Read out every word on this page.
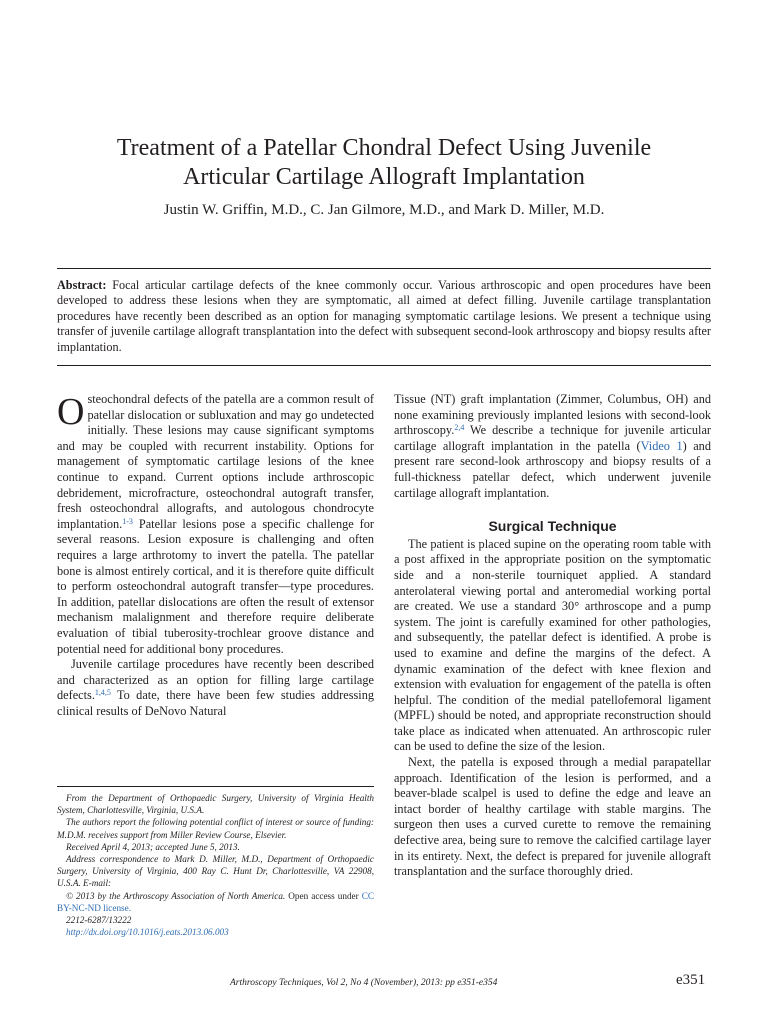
Treatment of a Patellar Chondral Defect Using Juvenile
Articular Cartilage Allograft Implantation
Justin W. Griffin, M.D., C. Jan Gilmore, M.D., and Mark D. Miller, M.D.
Abstract: Focal articular cartilage defects of the knee commonly occur. Various arthroscopic and open procedures have been developed to address these lesions when they are symptomatic, all aimed at defect filling. Juvenile cartilage transplantation procedures have recently been described as an option for managing symptomatic cartilage lesions. We present a technique using transfer of juvenile cartilage allograft transplantation into the defect with subsequent second-look arthroscopy and biopsy results after implantation.

Osteochondral defects of the patella are a common result of patellar dislocation or subluxation and may go undetected initially. These lesions may cause significant symptoms and may be coupled with recurrent instability. Options for management of symptomatic cartilage lesions of the knee continue to expand. Current options include arthroscopic debridement, microfracture, osteochondral autograft transfer, fresh osteochondral allografts, and autologous chondrocyte implantation.$^{1-3}$ Patellar lesions pose a specific challenge for several reasons. Lesion exposure is challenging and often requires a large arthrotomy to invert the patella. The patellar bone is almost entirely cortical, and it is therefore quite difficult to perform osteochondral autograft transfer—type procedures. In addition, patellar dislocations are often the result of extensor mechanism malalignment and therefore require deliberate evaluation of tibial tuberosity-trochlear groove distance and potential need for additional bony procedures.

Juvenile cartilage procedures have recently been described and characterized as an option for filling large cartilage defects.$^{1,4,5}$ To date, there have been few studies addressing clinical results of DeNovo Natural

From the Department of Orthopaedic Surgery, University of Virginia Health System, Charlottesville, Virginia, U.S.A.

The authors report the following potential conflict of interest or source of funding: M.D.M. receives support from Miller Review Course, Elsevier.

Received April 4, 2013; accepted June 5, 2013.

Address correspondence to Mark D. Miller, M.D., Department of Orthopaedic Surgery, University of Virginia, 400 Ray C. Hunt Dr, Charlottesville, VA 22908, U.S.A. E-mail:

© 2013 by the Arthroscopy Association of North America. Open access under CC BY-NC-ND license.

2212-6287/13222

http://dx.doi.org/10.1016/j.eats.2013.06.003

Tissue (NT) graft implantation (Zimmer, Columbus, OH) and none examining previously implanted lesions with second-look arthroscopy.$^{2,4}$ We describe a technique for juvenile articular cartilage allograft implantation in the patella (Video 1) and present rare second-look arthroscopy and biopsy results of a full-thickness patellar defect, which underwent juvenile cartilage allograft implantation.

Surgical Technique

The patient is placed supine on the operating room table with a post affixed in the appropriate position on the symptomatic side and a non-sterile tourniquet applied. A standard anterolateral viewing portal and anteromedial working portal are created. We use a standard 30° arthroscope and a pump system. The joint is carefully examined for other pathologies, and subsequently, the patellar defect is identified. A probe is used to examine and define the margins of the defect. A dynamic examination of the defect with knee flexion and extension with evaluation for engagement of the patella is often helpful. The condition of the medial patellofemoral ligament (MPFL) should be noted, and appropriate reconstruction should take place as indicated when attenuated. An arthroscopic ruler can be used to define the size of the lesion.

Next, the patella is exposed through a medial parapatellar approach. Identification of the lesion is performed, and a beaver-blade scalpel is used to define the edge and leave an intact border of healthy cartilage with stable margins. The surgeon then uses a curved curette to remove the remaining defective area, being sure to remove the calcified cartilage layer in its entirety. Next, the defect is prepared for juvenile allograft transplantation and the surface thoroughly dried.

Arthroscopy Techniques, Vol 2, No 4 (November), 2013: pp e351-e354	e351
